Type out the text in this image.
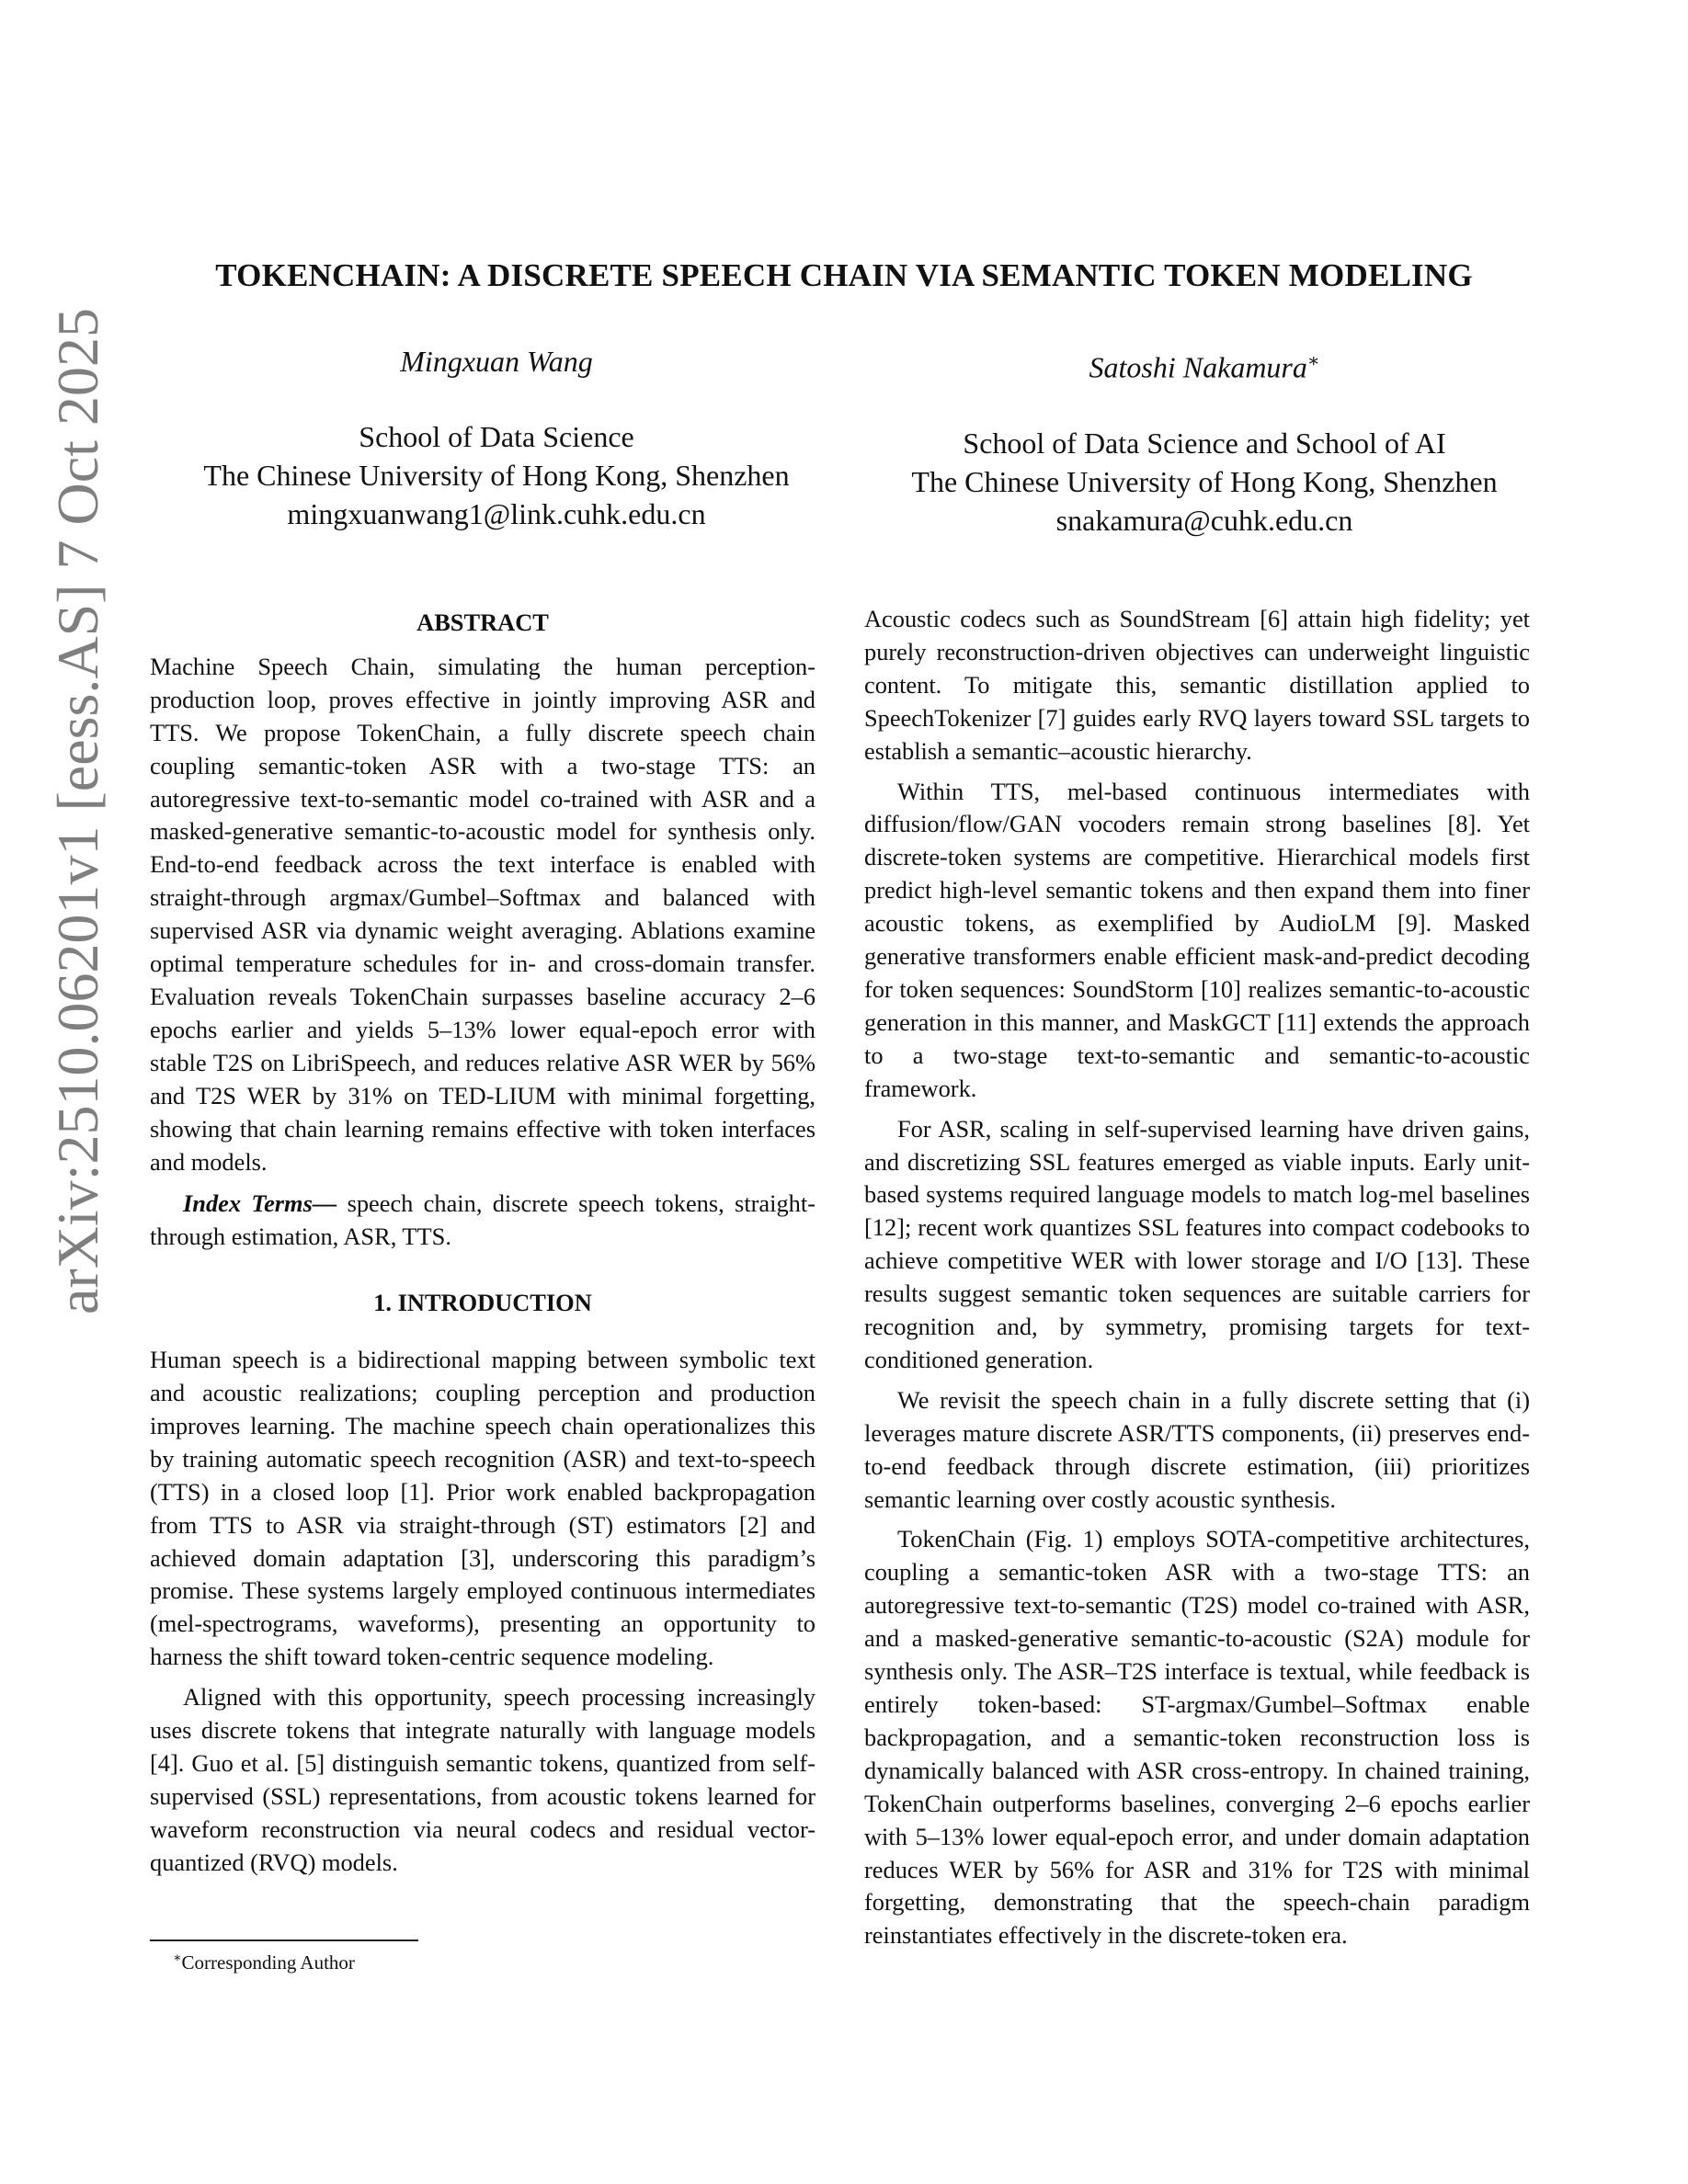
arXiv:2510.06201v1 [eess.AS] 7 Oct 2025
TOKENCHAIN: A DISCRETE SPEECH CHAIN VIA SEMANTIC TOKEN MODELING
Mingxuan Wang
School of Data Science
The Chinese University of Hong Kong, Shenzhen
mingxuanwang1@link.cuhk.edu.cn
Satoshi Nakamura∗
School of Data Science and School of AI
The Chinese University of Hong Kong, Shenzhen
snakamura@cuhk.edu.cn
ABSTRACT

Machine Speech Chain, simulating the human perception-production loop, proves effective in jointly improving ASR and TTS. We propose TokenChain, a fully discrete speech chain coupling semantic-token ASR with a two-stage TTS: an autoregressive text-to-semantic model co-trained with ASR and a masked-generative semantic-to-acoustic model for synthesis only. End-to-end feedback across the text interface is enabled with straight-through argmax/Gumbel–Softmax and balanced with supervised ASR via dynamic weight averaging. Ablations examine optimal temperature schedules for in- and cross-domain transfer. Evaluation reveals TokenChain surpasses baseline accuracy 2–6 epochs earlier and yields 5–13% lower equal-epoch error with stable T2S on LibriSpeech, and reduces relative ASR WER by 56% and T2S WER by 31% on TED-LIUM with minimal forgetting, showing that chain learning remains effective with token interfaces and models.

Index Terms— speech chain, discrete speech tokens, straight-through estimation, ASR, TTS.

1. INTRODUCTION

Human speech is a bidirectional mapping between symbolic text and acoustic realizations; coupling perception and production improves learning. The machine speech chain operationalizes this by training automatic speech recognition (ASR) and text-to-speech (TTS) in a closed loop [1]. Prior work enabled backpropagation from TTS to ASR via straight-through (ST) estimators [2] and achieved domain adaptation [3], underscoring this paradigm’s promise. These systems largely employed continuous intermediates (mel-spectrograms, waveforms), presenting an opportunity to harness the shift toward token-centric sequence modeling.

Aligned with this opportunity, speech processing increasingly uses discrete tokens that integrate naturally with language models [4]. Guo et al. [5] distinguish semantic tokens, quantized from self-supervised (SSL) representations, from acoustic tokens learned for waveform reconstruction via neural codecs and residual vector-quantized (RVQ) models.

∗Corresponding Author

Acoustic codecs such as SoundStream [6] attain high fidelity; yet purely reconstruction-driven objectives can underweight linguistic content. To mitigate this, semantic distillation applied to SpeechTokenizer [7] guides early RVQ layers toward SSL targets to establish a semantic–acoustic hierarchy.

Within TTS, mel-based continuous intermediates with diffusion/flow/GAN vocoders remain strong baselines [8]. Yet discrete-token systems are competitive. Hierarchical models first predict high-level semantic tokens and then expand them into finer acoustic tokens, as exemplified by AudioLM [9]. Masked generative transformers enable efficient mask-and-predict decoding for token sequences: SoundStorm [10] realizes semantic-to-acoustic generation in this manner, and MaskGCT [11] extends the approach to a two-stage text-to-semantic and semantic-to-acoustic framework.

For ASR, scaling in self-supervised learning have driven gains, and discretizing SSL features emerged as viable inputs. Early unit-based systems required language models to match log-mel baselines [12]; recent work quantizes SSL features into compact codebooks to achieve competitive WER with lower storage and I/O [13]. These results suggest semantic token sequences are suitable carriers for recognition and, by symmetry, promising targets for text-conditioned generation.

We revisit the speech chain in a fully discrete setting that (i) leverages mature discrete ASR/TTS components, (ii) preserves end-to-end feedback through discrete estimation, (iii) prioritizes semantic learning over costly acoustic synthesis.

TokenChain (Fig. 1) employs SOTA-competitive architectures, coupling a semantic-token ASR with a two-stage TTS: an autoregressive text-to-semantic (T2S) model co-trained with ASR, and a masked-generative semantic-to-acoustic (S2A) module for synthesis only. The ASR–T2S interface is textual, while feedback is entirely token-based: ST-argmax/Gumbel–Softmax enable backpropagation, and a semantic-token reconstruction loss is dynamically balanced with ASR cross-entropy. In chained training, TokenChain outperforms baselines, converging 2–6 epochs earlier with 5–13% lower equal-epoch error, and under domain adaptation reduces WER by 56% for ASR and 31% for T2S with minimal forgetting, demonstrating that the speech-chain paradigm reinstantiates effectively in the discrete-token era.
